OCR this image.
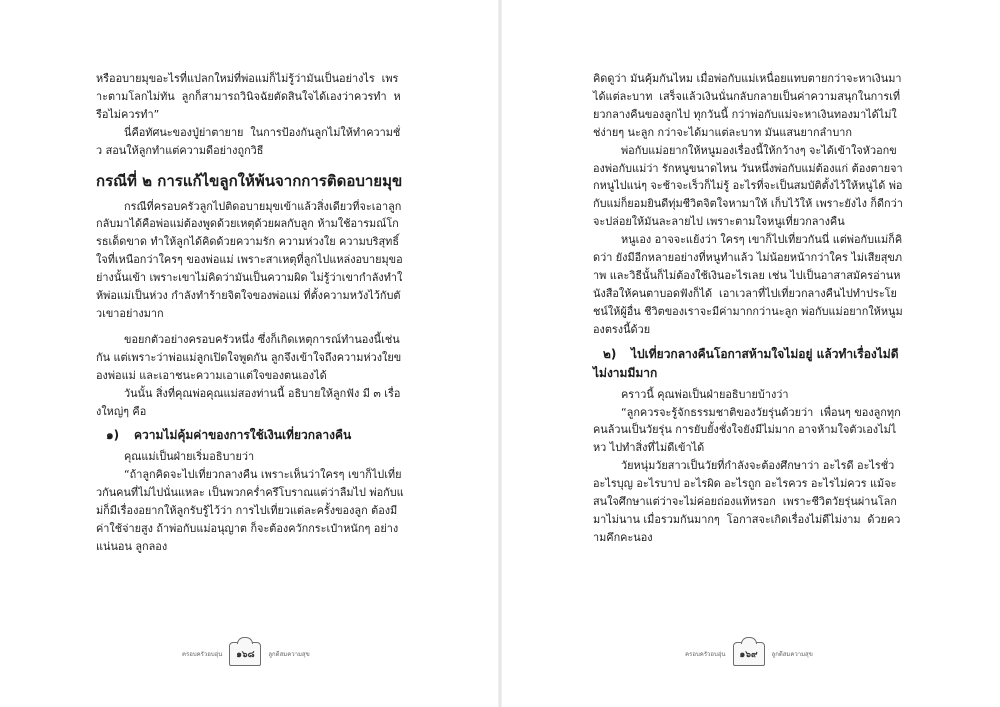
หรืออบายมุขอะไรที่แปลกใหม่ที่พ่อแม่ก็ไม่รู้ว่ามันเป็นอย่างไร  เพราะตามโลกไม่ทัน  ลูกก็สามารถวินิจฉัยตัดสินใจได้เองว่าควรทำ  หรือไม่ควรทำ”

นี่คือทัศนะของปู่ย่าตายาย  ในการป้องกันลูกไม่ให้ทำความชั่ว สอนให้ลูกทำแต่ความดีอย่างถูกวิธี

กรณีที่ ๒ การแก้ไขลูกให้พ้นจากการติดอบายมุข

กรณีที่ครอบครัวลูกไปติดอบายมุขเข้าแล้วสิ่งเดียวที่จะเอาลูกกลับมาได้คือพ่อแม่ต้องพูดด้วยเหตุด้วยผลกับลูก ห้ามใช้อารมณ์โกรธเด็ดขาด ทำให้ลูกได้คิดด้วยความรัก ความห่วงใย ความบริสุทธิ์ใจที่เหนือกว่าใครๆ ของพ่อแม่ เพราะสาเหตุที่ลูกไปแหล่งอบายมุขอย่างนั้นเข้า เพราะเขาไม่คิดว่ามันเป็นความผิด ไม่รู้ว่าเขากำลังทำให้พ่อแม่เป็นห่วง กำลังทำร้ายจิตใจของพ่อแม่ ที่ตั้งความหวังไว้กับตัวเขาอย่างมาก

ขอยกตัวอย่างครอบครัวหนึ่ง ซึ่งก็เกิดเหตุการณ์ทำนองนี้เช่นกัน แต่เพราะว่าพ่อแม่ลูกเปิดใจพูดกัน ลูกจึงเข้าใจถึงความห่วงใยของพ่อแม่ และเอาชนะความเอาแต่ใจของตนเองได้

วันนั้น สิ่งที่คุณพ่อคุณแม่สองท่านนี้ อธิบายให้ลูกฟัง มี ๓ เรื่องใหญ่ๆ คือ

๑) ความไม่คุ้มค่าของการใช้เงินเที่ยวกลางคืน

คุณแม่เป็นฝ่ายเริ่มอธิบายว่า

“ถ้าลูกคิดจะไปเที่ยวกลางคืน เพราะเห็นว่าใครๆ เขาก็ไปเที่ยวกันคนที่ไม่ไปนั่นแหละ เป็นพวกคร่ำครึโบราณแต่ว่าลืมไป พ่อกับแม่ก็มีเรื่องอยากให้ลูกรับรู้ไว้ว่า การไปเที่ยวแต่ละครั้งของลูก ต้องมีค่าใช้จ่ายสูง ถ้าพ่อกับแม่อนุญาต ก็จะต้องควักกระเป๋าหนักๆ อย่างแน่นอน ลูกลอง

ครอบครัวอบอุ่น ๑๖๘ ลูกดีสมความสุข

คิดดูว่า มันคุ้มกันไหม เมื่อพ่อกับแม่เหนื่อยแทบตายกว่าจะหาเงินมาได้แต่ละบาท  เสร็จแล้วเงินนั่นกลับกลายเป็นค่าความสนุกในการเที่ยวกลางคืนของลูกไป ทุกวันนี้ กว่าพ่อกับแม่จะหาเงินทองมาได้ไม่ใช่ง่ายๆ นะลูก กว่าจะได้มาแต่ละบาท มันแสนยากลำบาก

พ่อกับแม่อยากให้หนูมองเรื่องนี้ให้กว้างๆ จะได้เข้าใจหัวอกของพ่อกับแม่ว่า รักหนูขนาดไหน วันหนึ่งพ่อกับแม่ต้องแก่ ต้องตายจากหนูไปแน่ๆ จะช้าจะเร็วก็ไม่รู้ อะไรที่จะเป็นสมบัติตั้งไว้ให้หนูได้ พ่อกับแม่ก็ยอมยินดีทุ่มชีวิตจิตใจหามาให้ เก็บไว้ให้ เพราะยังไง ก็ดีกว่าจะปล่อยให้มันละลายไป เพราะตามใจหนูเที่ยวกลางคืน

หนูเอง อาจจะแย้งว่า ใครๆ เขาก็ไปเที่ยวกันนี่ แต่พ่อกับแม่ก็คิดว่า ยังมีอีกหลายอย่างที่หนูทำแล้ว ไม่น้อยหน้ากว่าใคร ไม่เสียสุขภาพ และวิธีนั้นก็ไม่ต้องใช้เงินอะไรเลย เช่น ไปเป็นอาสาสมัครอ่านหนังสือให้คนตาบอดฟังก็ได้  เอาเวลาที่ไปเที่ยวกลางคืนไปทำประโยชน์ให้ผู้อื่น ชีวิตของเราจะมีค่ามากกว่านะลูก พ่อกับแม่อยากให้หนูมองตรงนี้ด้วย

๒) ไปเที่ยวกลางคืนโอกาสห้ามใจไม่อยู่ แล้วทำเรื่องไม่ดีไม่งามมีมาก

คราวนี้ คุณพ่อเป็นฝ่ายอธิบายบ้างว่า

“ลูกควรจะรู้จักธรรมชาติของวัยรุ่นด้วยว่า  เพื่อนๆ ของลูกทุกคนล้วนเป็นวัยรุ่น การยับยั้งชั่งใจยังมีไม่มาก อาจห้ามใจตัวเองไม่ไหว ไปทำสิ่งที่ไม่ดีเข้าได้

วัยหนุ่มวัยสาวเป็นวัยที่กำลังจะต้องศึกษาว่า อะไรดี อะไรชั่ว อะไรบุญ อะไรบาป อะไรผิด อะไรถูก อะไรควร อะไรไม่ควร แม้จะสนใจศึกษาแต่ว่าจะไม่ค่อยถ่องแท้หรอก  เพราะชีวิตวัยรุ่นผ่านโลกมาไม่นาน เมื่อรวมกันมากๆ  โอกาสจะเกิดเรื่องไม่ดีไม่งาม  ด้วยความคึกคะนอง

ครอบครัวอบอุ่น ๑๖๙ ลูกดีสมความสุข
